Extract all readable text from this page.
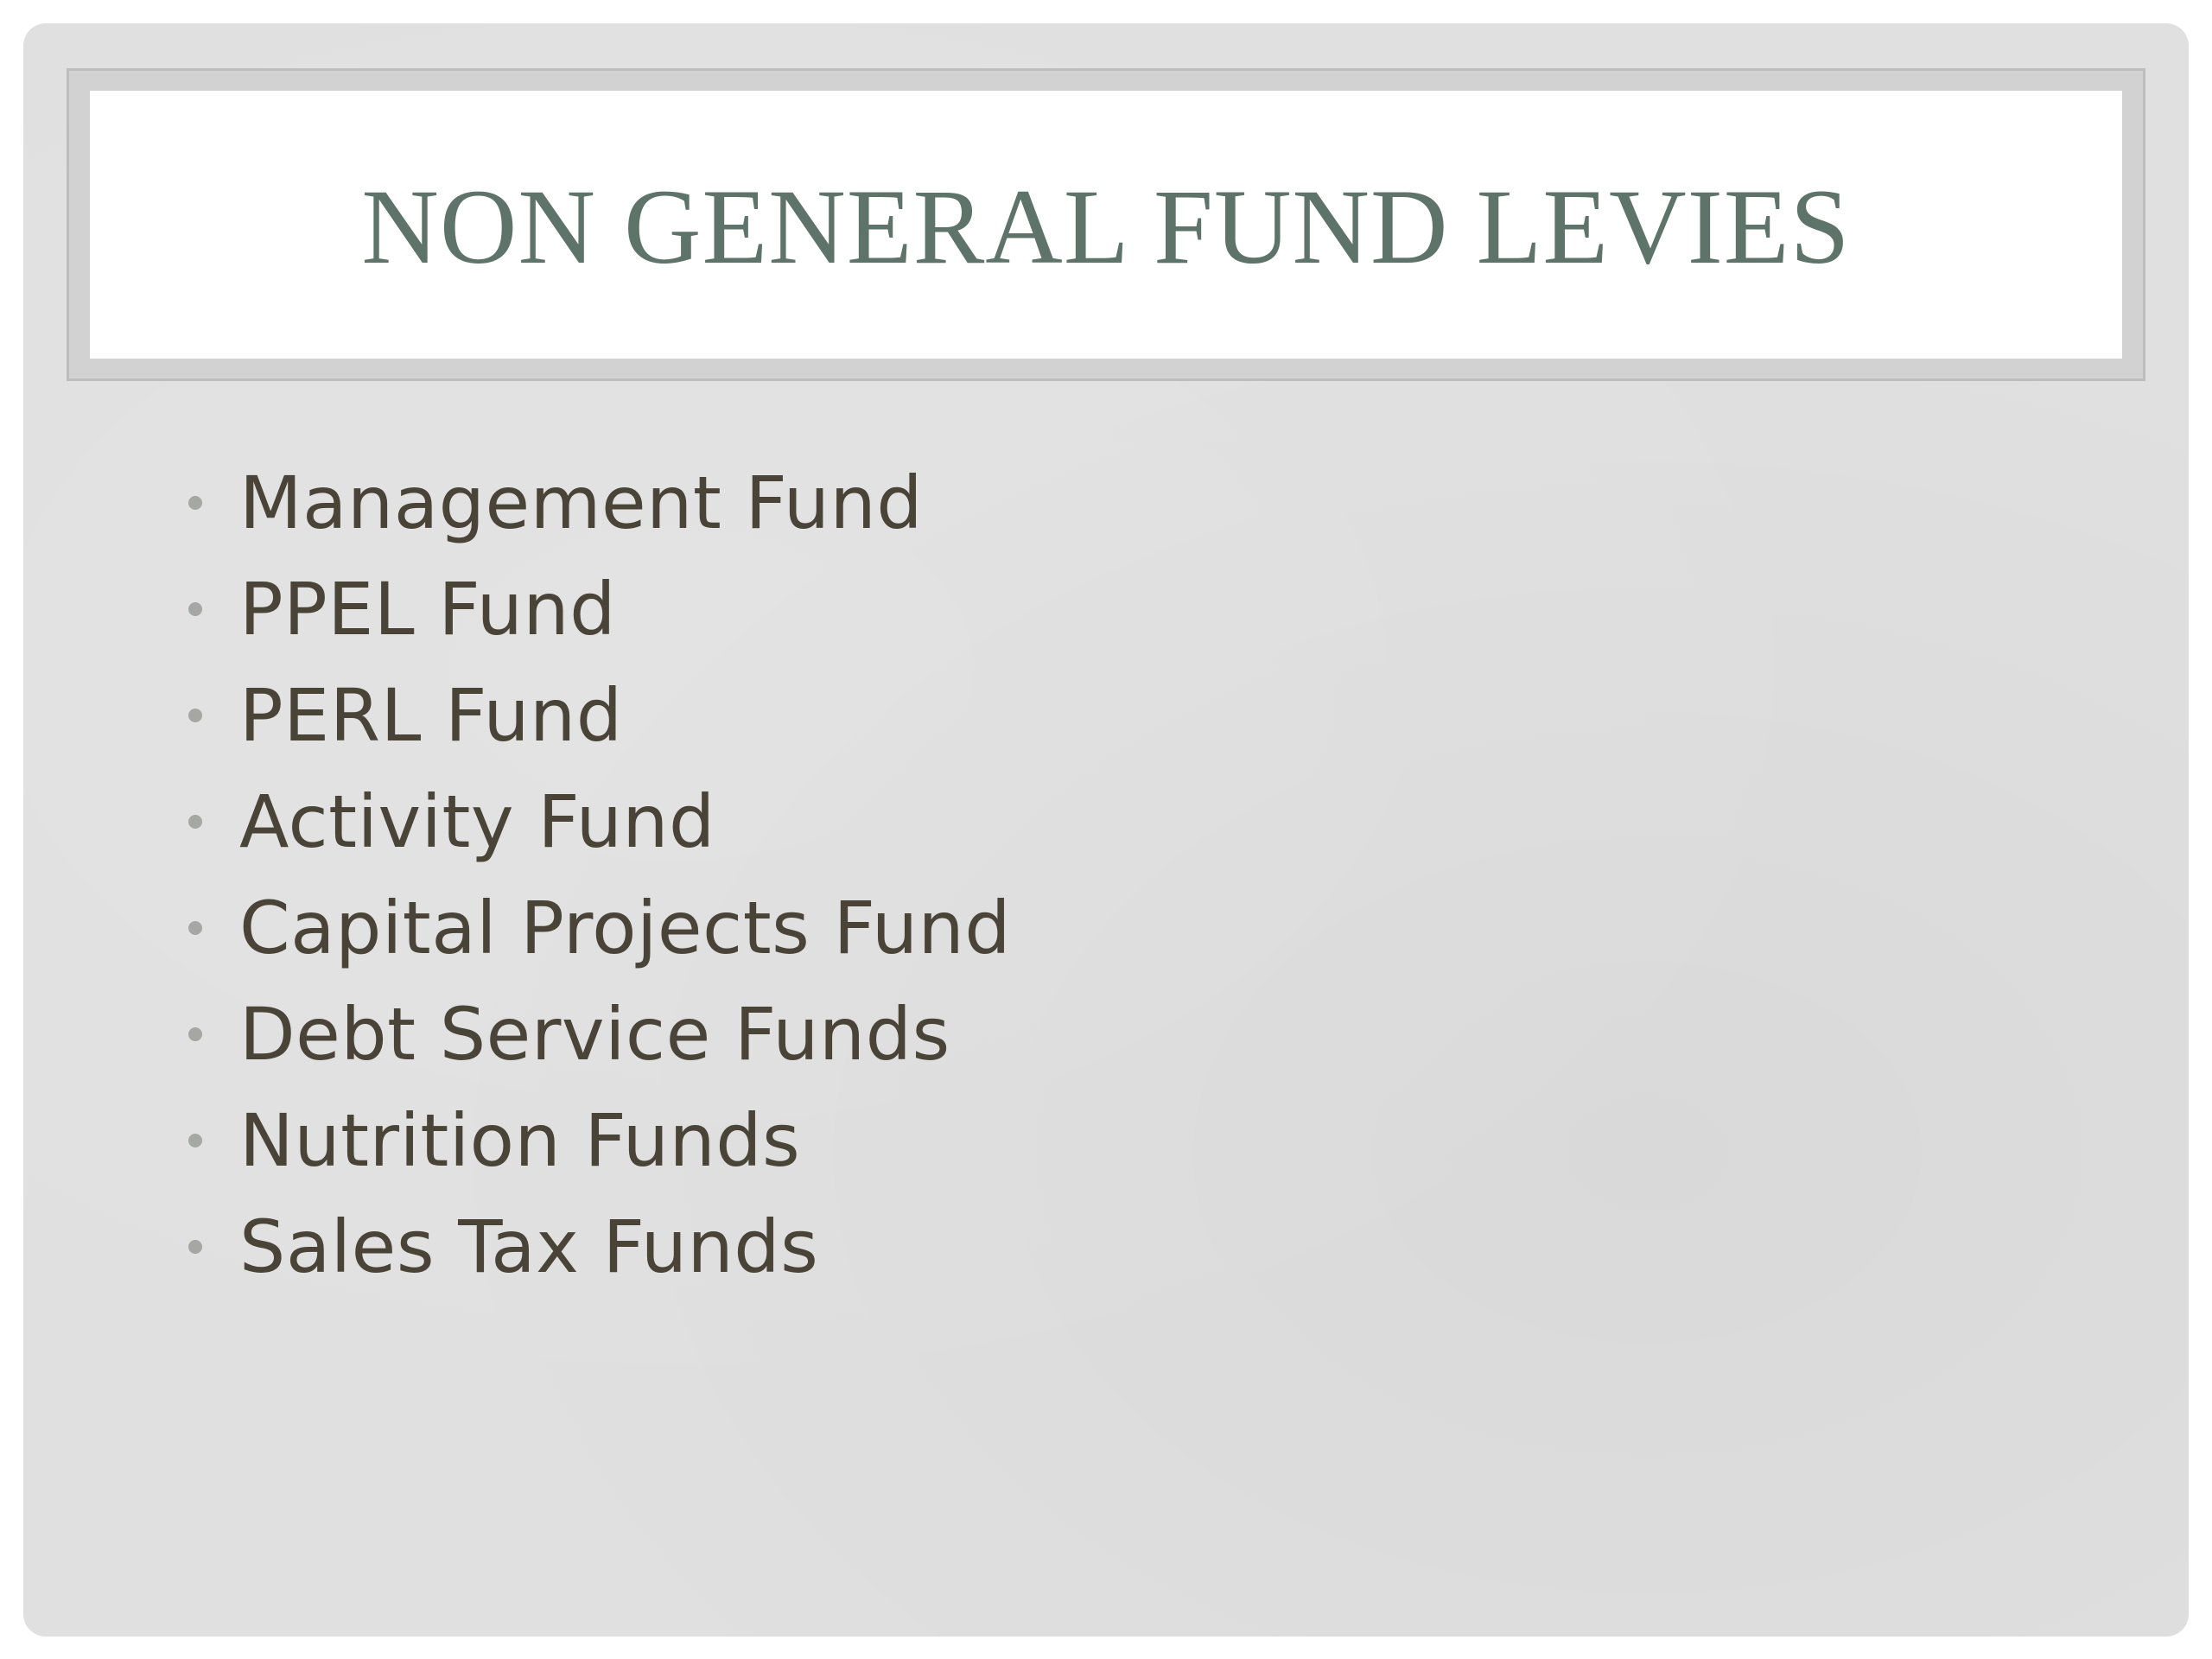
NON GENERAL FUND LEVIES
Management Fund
PPEL Fund
PERL Fund
Activity Fund
Capital Projects Fund
Debt Service Funds
Nutrition Funds
Sales Tax Funds
